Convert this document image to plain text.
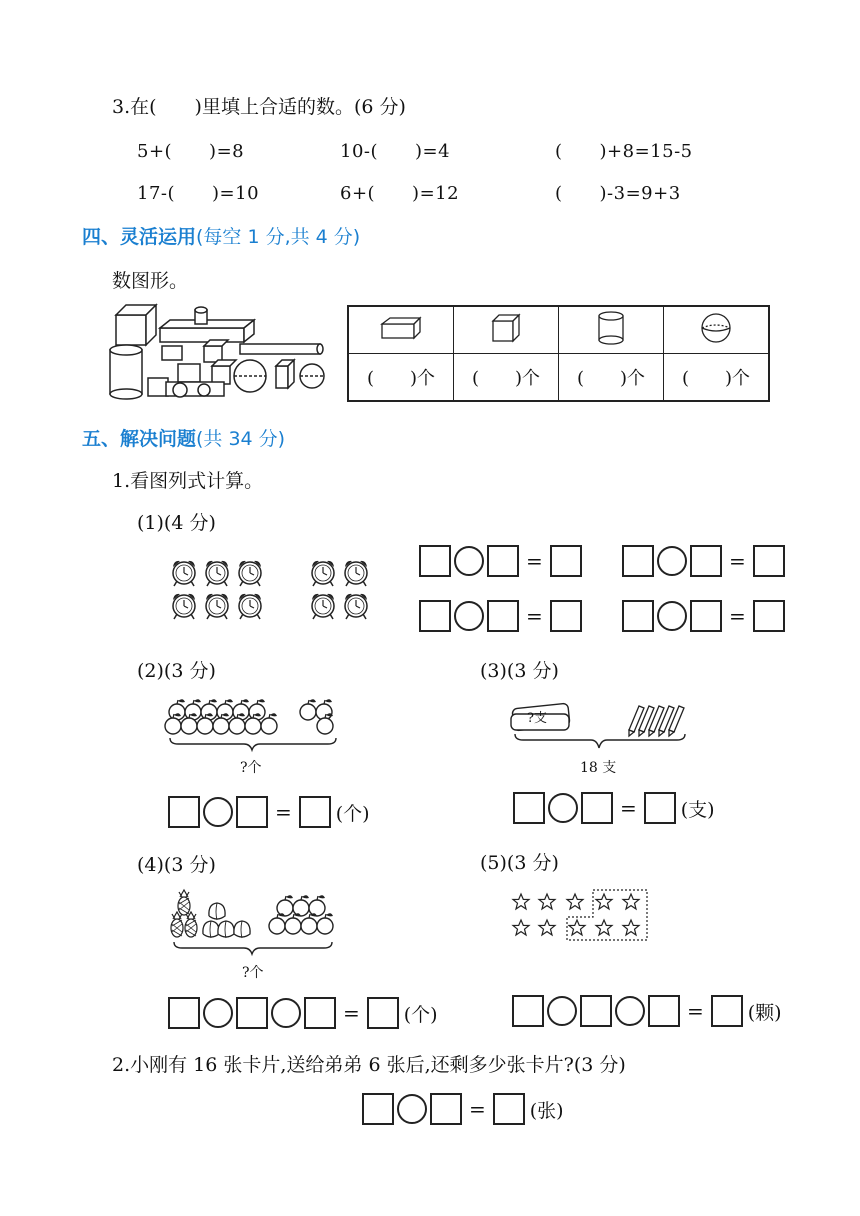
3.在(　　)里填上合适的数。(6 分)
5+(　　)=8	10-(　　)=4	(　　)+8=15-5
17-(　　)=10	6+(　　)=12	(　　)-3=9+3
四、灵活运用(每空 1 分,共 4 分)
数图形。

(　　)个	(　　)个	(　　)个	(　　)个
五、解决问题(共 34 分)
1.看图列式计算。
(1)(4 分)
=	=
=	=
(2)(3 分)
?个
= (个)
(3)(3 分)
?支
18 支
= (支)
(4)(3 分)
?个
= (个)
(5)(3 分)
= (颗)
2.小刚有 16 张卡片,送给弟弟 6 张后,还剩多少张卡片?(3 分)
= (张)
